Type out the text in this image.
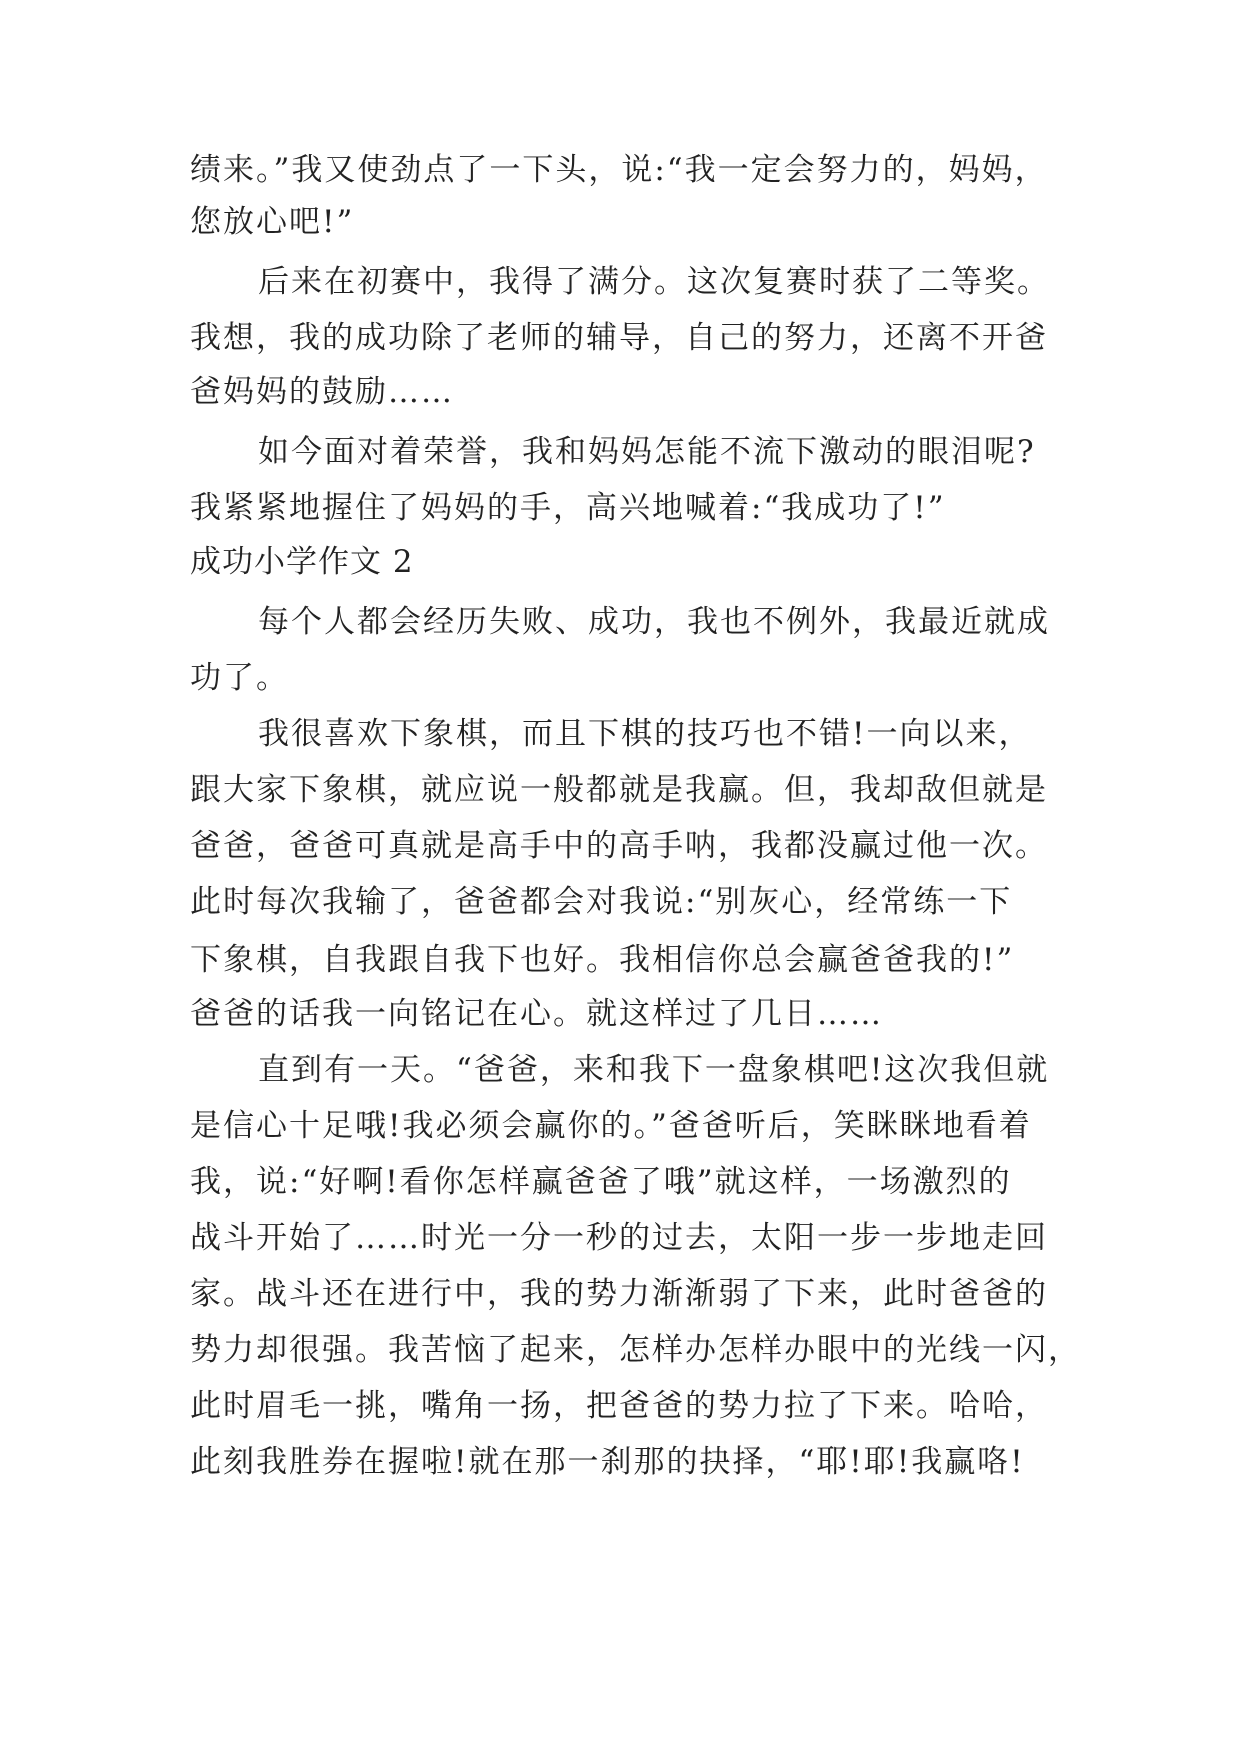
绩来。”我又使劲点了一下头，说:“我一定会努力的，妈妈，
您放心吧!”
后来在初赛中，我得了满分。这次复赛时获了二等奖。
我想，我的成功除了老师的辅导，自己的努力，还离不开爸
爸妈妈的鼓励……
如今面对着荣誉，我和妈妈怎能不流下激动的眼泪呢?
我紧紧地握住了妈妈的手，高兴地喊着:“我成功了!”
成功小学作文 2
每个人都会经历失败、成功，我也不例外，我最近就成
功了。
我很喜欢下象棋，而且下棋的技巧也不错!一向以来，
跟大家下象棋，就应说一般都就是我赢。但，我却敌但就是
爸爸，爸爸可真就是高手中的高手呐，我都没赢过他一次。
此时每次我输了，爸爸都会对我说:“别灰心，经常练一下
下象棋，自我跟自我下也好。我相信你总会赢爸爸我的!”
爸爸的话我一向铭记在心。就这样过了几日……
直到有一天。“爸爸，来和我下一盘象棋吧!这次我但就
是信心十足哦!我必须会赢你的。”爸爸听后，笑眯眯地看着
我，说:“好啊!看你怎样赢爸爸了哦”就这样，一场激烈的
战斗开始了……时光一分一秒的过去，太阳一步一步地走回
家。战斗还在进行中，我的势力渐渐弱了下来，此时爸爸的
势力却很强。我苦恼了起来，怎样办怎样办眼中的光线一闪，
此时眉毛一挑，嘴角一扬，把爸爸的势力拉了下来。哈哈，
此刻我胜券在握啦!就在那一刹那的抉择，“耶!耶!我赢咯!
